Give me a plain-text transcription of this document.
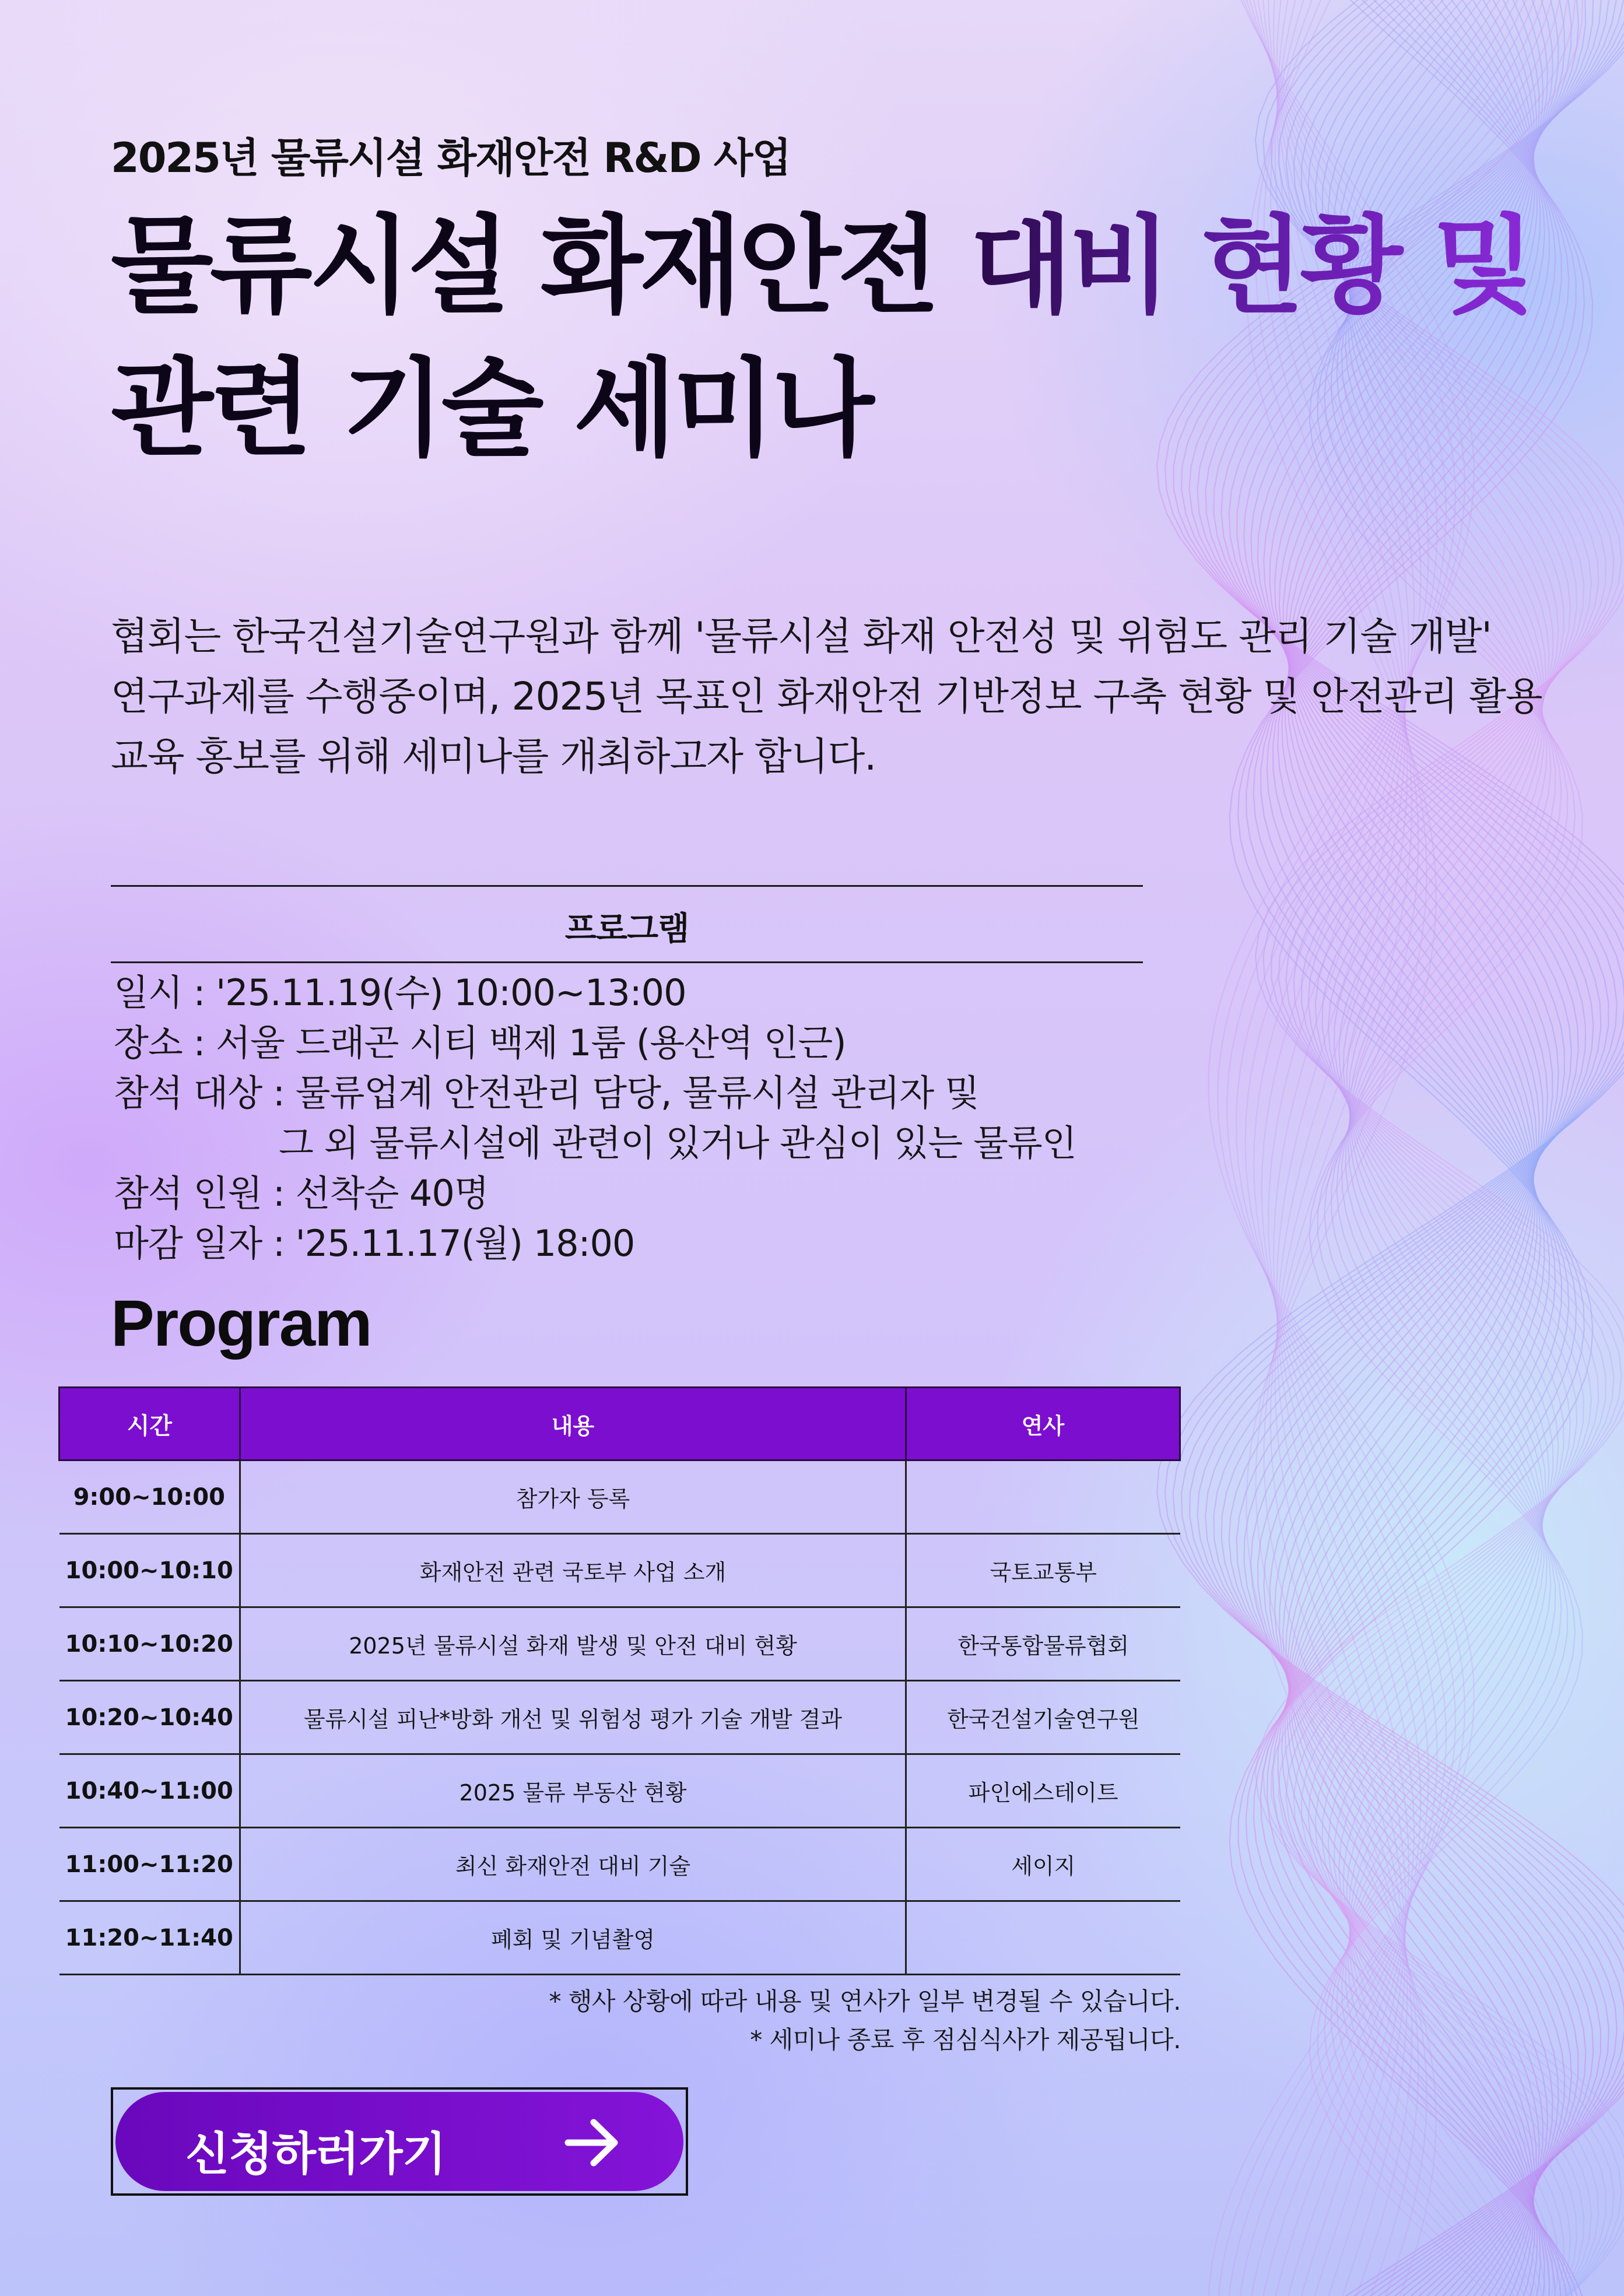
2025년 물류시설 화재안전 R&D 사업
물류시설 화재안전 대비 현황 및
관련 기술 세미나
협회는 한국건설기술연구원과 함께 '물류시설 화재 안전성 및 위험도 관리 기술 개발'
연구과제를 수행중이며, 2025년 목표인 화재안전 기반정보 구축 현황 및 안전관리 활용
교육 홍보를 위해 세미나를 개최하고자 합니다.
프로그램
일시 :
'25.11.19(수) 10:00~13:00
장소 :
서울 드래곤 시티 백제 1룸 (용산역 인근)
참석 대상 :
물류업계 안전관리 담당, 물류시설 관리자 및
그 외 물류시설에 관련이 있거나 관심이 있는 물류인
참석 인원 :
선착순 40명
마감 일자 :
'25.11.17(월) 18:00
Program
시간	내용	연사
9:00~10:00	참가자 등록	
10:00~10:10	화재안전 관련 국토부 사업 소개	국토교통부
10:10~10:20	2025년 물류시설 화재 발생 및 안전 대비 현황	한국통합물류협회
10:20~10:40	물류시설 피난*방화 개선 및 위험성 평가 기술 개발 결과	한국건설기술연구원
10:40~11:00	2025 물류 부동산 현황	파인에스테이트
11:00~11:20	최신 화재안전 대비 기술	세이지
11:20~11:40	폐회 및 기념촬영	
* 행사 상황에 따라 내용 및 연사가 일부 변경될 수 있습니다.
* 세미나 종료 후 점심식사가 제공됩니다.
신청하러가기
